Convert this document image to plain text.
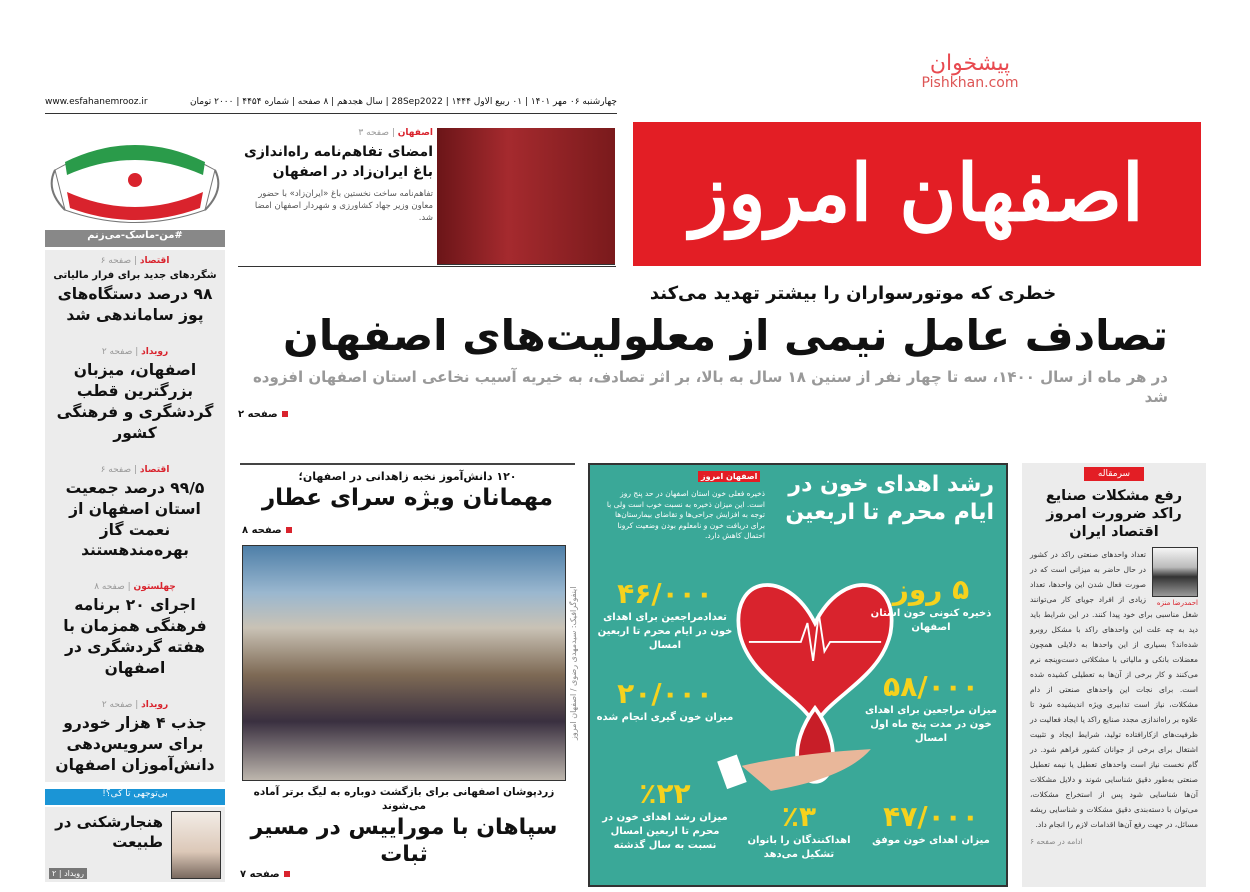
چهارشنبه ۰۶ مهر ۱۴۰۱ | ۰۱ ربیع الاول ۱۴۴۴ | 28Sep2022 | سال هجدهم | ۸ صفحه | شماره ۴۴۵۴ | ۲۰۰۰ تومان
www.esfahanemrooz.ir
اصفهان امروز
پیشخوان
Pishkhan.com
#من-ماسک-می‌زنم
اقتصاد | صفحه ۶
شگردهای جدید برای فرار مالیاتی
۹۸ درصد دستگاه‌های پوز ساماندهی شد
رویداد | صفحه ۲
اصفهان، میزبان بزرگترین قطب گردشگری و فرهنگی کشور
اقتصاد | صفحه ۶
۹۹/۵ درصد جمعیت استان اصفهان از نعمت گاز بهره‌مندهستند
چهلستون | صفحه ۸
اجرای ۲۰ برنامه فرهنگی همزمان با هفته گردشگری در اصفهان
رویداد | صفحه ۲
جذب ۴ هزار خودرو برای سرویس‌دهی دانش‌آموزان اصفهان
بی‌توجهی تا کی؟!
هنجارشکنی در طبیعت
رویداد | ۲
اصفهان | صفحه ۳
امضای تفاهم‌نامه راه‌اندازی باغ ایران‌زاد در اصفهان

تفاهم‌نامه ساخت نخستین باغ «ایران‌زاد» با حضور معاون وزیر جهاد کشاورزی و شهردار اصفهان امضا شد.

خطری که موتورسواران را بیشتر تهدید می‌کند
تصادف عامل نیمی از معلولیت‌های اصفهان
در هر ماه از سال ۱۴۰۰، سه تا چهار نفر از سنین ۱۸ سال به بالا، بر اثر تصادف، به خیریه آسیب نخاعی استان اصفهان افزوده شد
صفحه ۲
۱۲۰ دانش‌آموز نخبه زاهدانی در اصفهان؛
مهمانان ویژه سرای عطار
صفحه ۸
اینفوگرافیک: سیدمهدی رضوی / اصفهان امروز
زردپوشان اصفهانی برای بازگشت دوباره به لیگ برتر آماده می‌شوند
سپاهان با موراییس در مسیر ثبات
صفحه ۷
رشد اهدای خون در ایام محرم تا اربعین
اصفهان امروز
ذخیره فعلی خون استان اصفهان در حد پنج روز است. این میزان ذخیره به نسبت خوب است ولی با توجه به افزایش جراحی‌ها و تقاضای بیمارستان‌ها برای دریافت خون و نامعلوم بودن وضعیت کرونا احتمال کاهش دارد.
۵ روز
ذخیره کنونی خون استان اصفهان
۵۸/۰۰۰
میزان مراجعین برای اهدای خون در مدت پنج ماه اول امسال
۴۷/۰۰۰
میزان اهدای خون موفق
۴۶/۰۰۰
تعدادمراجعین برای اهدای خون در ایام محرم تا اربعین امسال
۲۰/۰۰۰
میزان خون گیری انجام شده
٪۲۲
میزان رشد اهدای خون در محرم تا اربعین امسال نسبت به سال گذشته
٪۳
اهداکنندگان را بانوان تشکیل می‌دهد
سرمقاله
رفع مشکلات صنایع راکد ضرورت امروز اقتصاد ایران
احمدرضا منزه

تعداد واحدهای صنعتی راکد در کشور در حال حاضر به میزانی است که در صورت فعال شدن این واحدها، تعداد زیادی از افراد جویای کار می‌توانند شغل مناسبی برای خود پیدا کنند. در این شرایط باید دید به چه علت این واحدهای راکد با مشکل روبرو شده‌اند؟ بسیاری از این واحدها به دلایلی همچون معضلات بانکی و مالیاتی با مشکلاتی دست‌وپنجه نرم می‌کنند و کار برخی از آن‌ها به تعطیلی کشیده شده است. برای نجات این واحدهای صنعتی از دام مشکلات، نیاز است تدابیری ویژه اندیشیده شود تا علاوه بر راه‌اندازی مجدد صنایع راکد یا ایجاد فعالیت در ظرفیت‌های ازکارافتاده تولید، شرایط ایجاد و تثبیت اشتغال برای برخی از جوانان کشور فراهم شود. در گام نخست نیاز است واحدهای تعطیل یا نیمه تعطیل صنعتی به‌طور دقیق شناسایی شوند و دلایل مشکلات آن‌ها شناسایی شود پس از استخراج مشکلات، می‌توان با دسته‌بندی دقیق مشکلات و شناسایی ریشه مسائل، در جهت رفع آن‌ها اقدامات لازم را انجام داد.

ادامه در صفحه ۶
